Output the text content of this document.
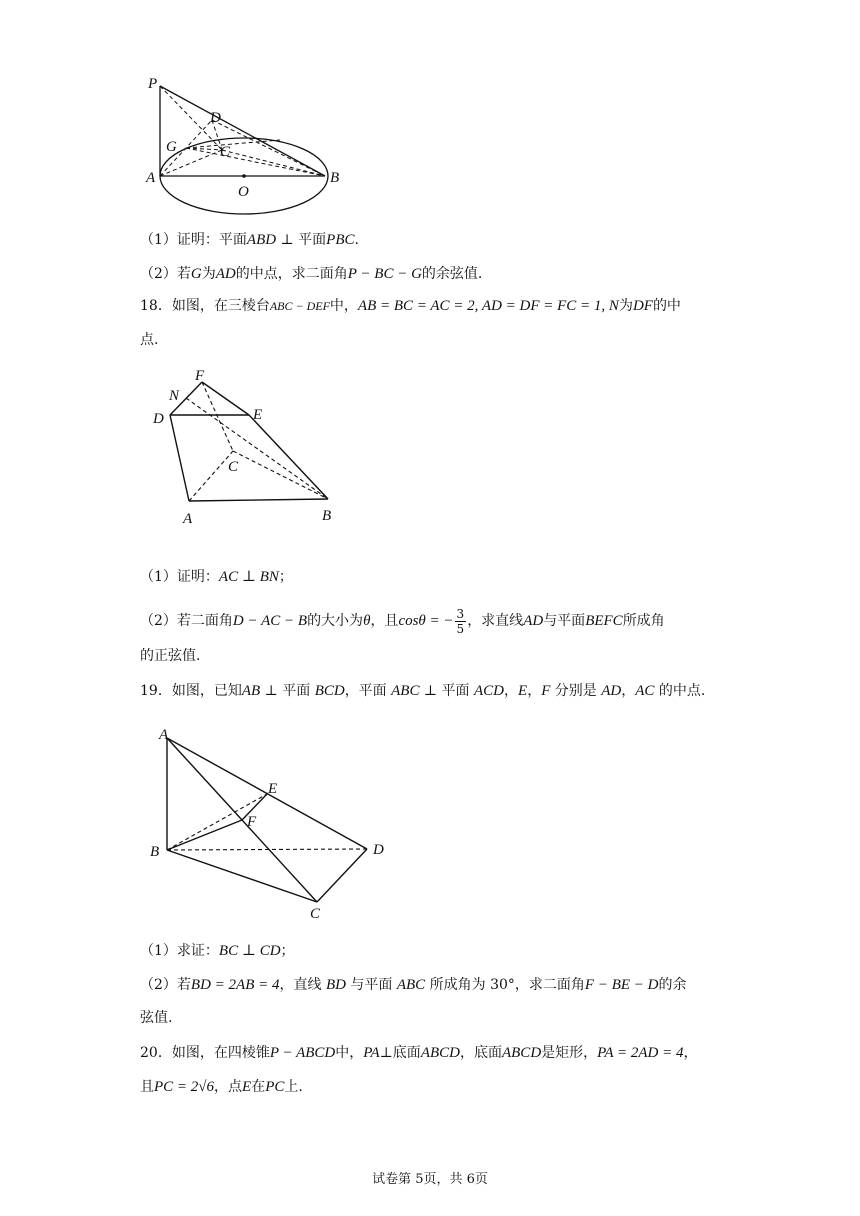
P
D
G	C
A
O
B
（1）证明：平面ABD ⊥ 平面PBC.
（2）若G为AD的中点，求二面角P − BC − G的余弦值.
18．如图，在三棱台ABC − DEF中，AB = BC = AC = 2, AD = DF = FC = 1, N为DF的中
点.
F
N
D	E
C
A	B
（1）证明：AC ⊥ BN；
（2）若二面角D − AC − B的大小为θ，且cosθ = − $\frac{3}{5}$ ，求直线AD与平面BEFC所成角
的正弦值.
19．如图，已知AB ⊥ 平面 BCD，平面 ABC ⊥ 平面 ACD，E，F 分别是 AD，AC 的中点.
A
E
F
B	D
C
（1）求证：BC ⊥ CD；
（2）若BD = 2AB = 4，直线 BD 与平面 ABC 所成角为 30°，求二面角F − BE − D的余
弦值.
20．如图，在四棱锥P − ABCD中，PA⊥底面ABCD，底面ABCD是矩形，PA = 2AD = 4，
且PC = 2√6，点E在PC上.
试卷第 5页，共 6页
